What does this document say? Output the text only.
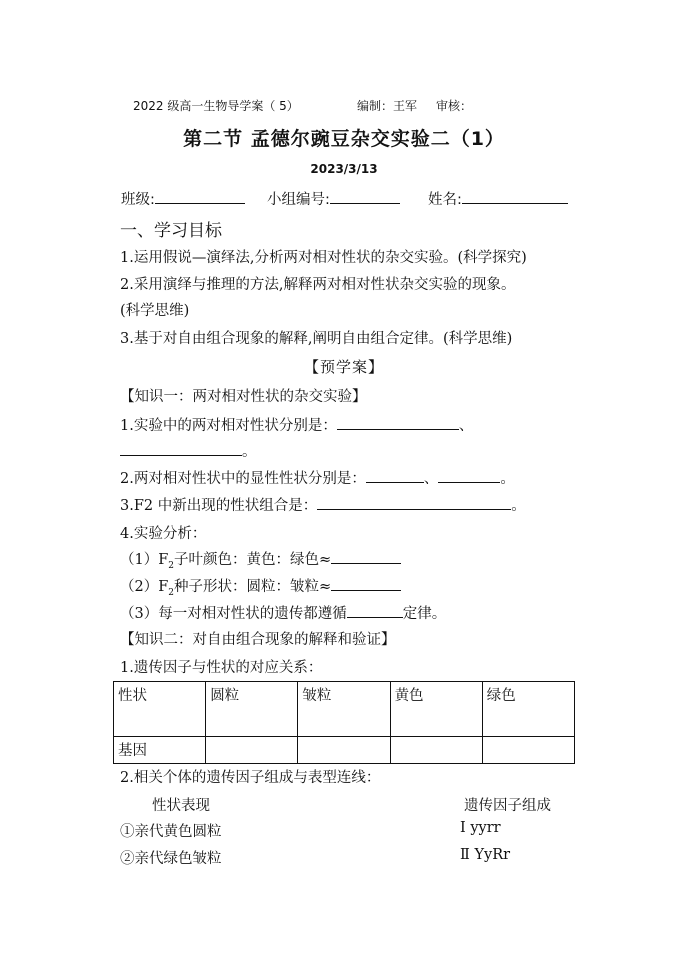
2022 级高一生物导学案（ 5）	编制：王军 审核：
第二节 孟德尔豌豆杂交实验二（1）
2023/3/13
班级:	小组编号:	姓名:
一、学习目标
1.运用假说—演绎法,分析两对相对性状的杂交实验。(科学探究)
2.采用演绎与推理的方法,解释两对相对性状杂交实验的现象。
(科学思维)
3.基于对自由组合现象的解释,阐明自由组合定律。(科学思维)
【预学案】
【知识一：两对相对性状的杂交实验】
1.实验中的两对相对性状分别是：	、
。
2.两对相对性状中的显性性状分别是：	、	。
3.F2 中新出现的性状组合是：	。
4.实验分析：
$(1)F_2$子叶颜色：黄色：绿色≈
$(2)F_2$种子形状：圆粒：皱粒≈
（3）每一对相对性状的遗传都遵循	定律。
【知识二：对自由组合现象的解释和验证】
1.遗传因子与性状的对应关系：
性状	圆粒	皱粒	黄色	绿色
基因				
2.相关个体的遗传因子组成与表型连线：
性状表现	遗传因子组成
①亲代黄色圆粒	Ⅰ yyrr
②亲代绿色皱粒	Ⅱ YyRr
